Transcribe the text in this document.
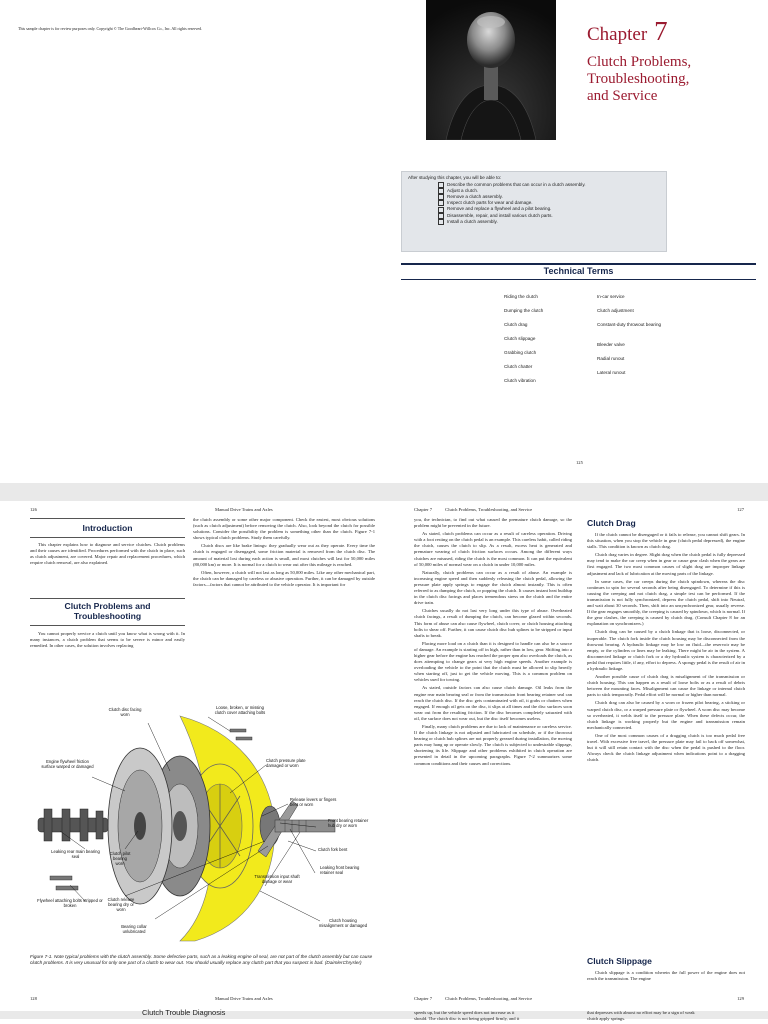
This sample chapter is for review purposes only. Copyright © The Goodheart-Willcox Co., Inc. All rights reserved.	Chapter 7
Clutch Problems,
Troubleshooting,
and Service
After studying this chapter, you will be able to:
Describe the common problems that can occur in a clutch assembly.
Adjust a clutch.
Remove a clutch assembly.
Inspect clutch parts for wear and damage.
Remove and replace a flywheel and a pilot bearing.
Disassemble, repair, and install various clutch parts.
Install a clutch assembly.
Technical Terms
Riding the clutch
Dumping the clutch
Clutch drag
Clutch slippage
Grabbing clutch
Clutch chatter
Clutch vibration
In-car service
Clutch adjustment
Constant-duty throwout bearing
Bleeder valve
Radial runout
Lateral runout
125
126	Manual Drive Trains and Axles	Chapter 7	Clutch Problems, Troubleshooting, and Service	127
Introduction

This chapter explains how to diagnose and service clutches. Clutch problems and their causes are identified. Procedures performed with the clutch in place, such as clutch adjustment, are covered. Major repair and replacement procedures, which require clutch removal, are also explained.

Clutch Problems and
Troubleshooting

You cannot properly service a clutch until you know what is wrong with it. In many instances, a clutch problem that seems to be severe is minor and easily remedied. In other cases, the solution involves replacing

the clutch assembly or some other major component. Check the easiest, most obvious solutions (such as clutch adjustment) before removing the clutch. Also, look beyond the clutch for possible solutions. Consider the possibility the problem is something other than the clutch. Figure 7-1 shows typical clutch problems. Study them carefully.

Clutch discs are like brake linings: they gradually wear out as they operate. Every time the clutch is engaged or disengaged, some friction material is removed from the clutch disc. The amount of material lost during each action is small, and most clutches will last for 50,000 miles (80,000 km) or more. It is normal for a clutch to wear out after this mileage is reached.

Often, however, a clutch will not last as long as 50,000 miles. Like any other mechanical part, the clutch can be damaged by careless or abusive operation. Further, it can be damaged by outside factors—factors that cannot be attributed to the vehicle operator. It is important for

Clutch disc facing worn
Loose, broken, or missing clutch cover attaching bolts
Engine flywheel friction surface warped or damaged
Clutch pressure plate damaged or worn
Release levers or fingers bent or worn
Front bearing retainer hub dry or worn
Clutch fork bent
Leaking front bearing retainer seal
Leaking rear main bearing seal
Clutch pilot bearing worn
Flywheel attaching bolts stripped or broken
Clutch release bearing dry or worn
Bearing collar unlubricated
Transmission input shaft damage or wear
Clutch housing misalignment or damaged
Figure 7-1. Note typical problems with the clutch assembly. Some defective parts, such as a leaking engine oil seal, are not part of the clutch assembly but can cause clutch problems. It is very unusual for only one part of a clutch to wear out. You should usually replace any clutch part that you suspect is bad. (DaimlerChrysler)

you, the technician, to find out what caused the premature clutch damage, so the problem might be prevented in the future.

As stated, clutch problems can occur as a result of careless operation. Driving with a foot resting on the clutch pedal is an example. This careless habit, called riding the clutch, causes the clutch to slip. As a result, excess heat is generated and premature wearing of clutch friction surfaces occurs. Among the different ways clutches are misused, riding the clutch is the most common. It can put the equivalent of 50,000 miles of normal wear on a clutch in under 10,000 miles.

Naturally, clutch problems can occur as a result of abuse. An example is increasing engine speed and then suddenly releasing the clutch pedal, allowing the pressure plate apply springs to engage the clutch almost instantly. This is often referred to as dumping the clutch, or popping the clutch. It causes instant heat buildup in the clutch disc facings and places tremendous stress on the clutch and the entire drive train.

Clutches usually do not last very long under this type of abuse. Overheated clutch facings, a result of dumping the clutch, can become glazed within seconds. This form of abuse can also cause flywheel, clutch cover, or clutch housing attaching bolts to shear off. Further, it can cause clutch disc hub splines to be stripped or input shafts to break.

Placing more load on a clutch than it is designed to handle can also be a source of damage. An example is starting off in high, rather than in low, gear. Shifting into a higher gear before the engine has reached the proper rpm also overloads the clutch, as does attempting to change gears at very high engine speeds. Another example is overloading the vehicle to the point that the clutch must be allowed to slip heavily when starting off, just to get the vehicle moving. This is a common problem on vehicles used for towing.

As stated, outside factors can also cause clutch damage. Oil leaks from the engine rear main bearing seal or from the transmission front bearing retainer seal can reach the clutch disc. If the disc gets contaminated with oil, it grabs or chatters when engaged. If enough oil gets on the disc, it slips at all times and the disc surfaces soon wear out from the resulting friction. If the disc becomes completely saturated with oil, the surface does not wear out, but the disc itself becomes useless.

Finally, many clutch problems are due to lack of maintenance or careless service. If the clutch linkage is not adjusted and lubricated on schedule, or if the throwout bearing or clutch hub splines are not properly greased during installation, the moving parts may hang up or operate slowly. The clutch is subjected to undesirable slippage, shortening its life. Slippage and other problems exhibited in clutch operation are presented in detail in the upcoming paragraphs. Figure 7-2 summarizes some common conditions and their causes and corrections.

Clutch Drag

If the clutch cannot be disengaged or it fails to release, you cannot shift gears. In this situation, when you stop the vehicle in gear (clutch pedal depressed), the engine stalls. This condition is known as clutch drag.

Clutch drag varies in degree. Slight drag when the clutch pedal is fully depressed may tend to make the car creep when in gear or cause gear clash when the gears are first engaged. The two most common causes of slight drag are improper linkage adjustment and lack of lubrication at the moving parts of the linkage.

In some cases, the car creeps during the clutch spindown, whereas the disc continues to spin for several seconds after being disengaged. To determine if this is causing the creeping and not clutch drag, a simple test can be performed. If the transmission is not fully synchronized, depress the clutch pedal, shift into Neutral, and wait about 30 seconds. Then, shift into an unsynchronized gear, usually reverse. If the gear engages smoothly, the creeping is caused by spindown, which is normal. If the gear clashes, the creeping is caused by clutch drag. (Consult Chapter 8 for an explanation on synchronizers.)

Clutch drag can be caused by a clutch linkage that is loose, disconnected, or inoperable. The clutch fork inside the clutch housing may be disconnected from the throwout bearing. A hydraulic linkage may be low on fluid—the reservoir may be empty, or the cylinders or lines may be leaking. There might be air in the system. A disconnected linkage or clutch fork or a dry hydraulic system is characterized by a pedal that requires little, if any, effort to depress. A spongy pedal is the result of air in a hydraulic linkage.

Another possible cause of clutch drag is misalignment of the transmission or clutch housing. This can happen as a result of loose bolts or as a result of debris between the mounting faces. Misalignment can cause the linkage or internal clutch parts to stick temporarily. Pedal effort will be normal or higher than normal.

Clutch drag can also be caused by a worn or frozen pilot bearing, a sticking or warped clutch disc, or a warped pressure plate or flywheel. A worn disc may become so overheated, it welds itself to the pressure plate. When these defects occur, the clutch linkage is working properly but the engine and transmission remain mechanically connected.

One of the most common causes of a dragging clutch is too much pedal free travel. With excessive free travel, the pressure plate may fail to back off somewhat, but it will still retain contact with the disc when the pedal is pushed to the floor. Always check the clutch linkage adjustment when indications point to a dragging clutch.

Clutch Slippage

Clutch slippage is a condition wherein the full power of the engine does not reach the transmission. The engine

128	Manual Drive Trains and Axles	Chapter 7	Clutch Problems, Troubleshooting, and Service	129
Clutch Trouble Diagnosis	speeds up, but the vehicle speed does not increase as it
should. The clutch disc is not being gripped firmly, and it
that depresses with almost no effort may be a sign of weak
clutch apply springs.
